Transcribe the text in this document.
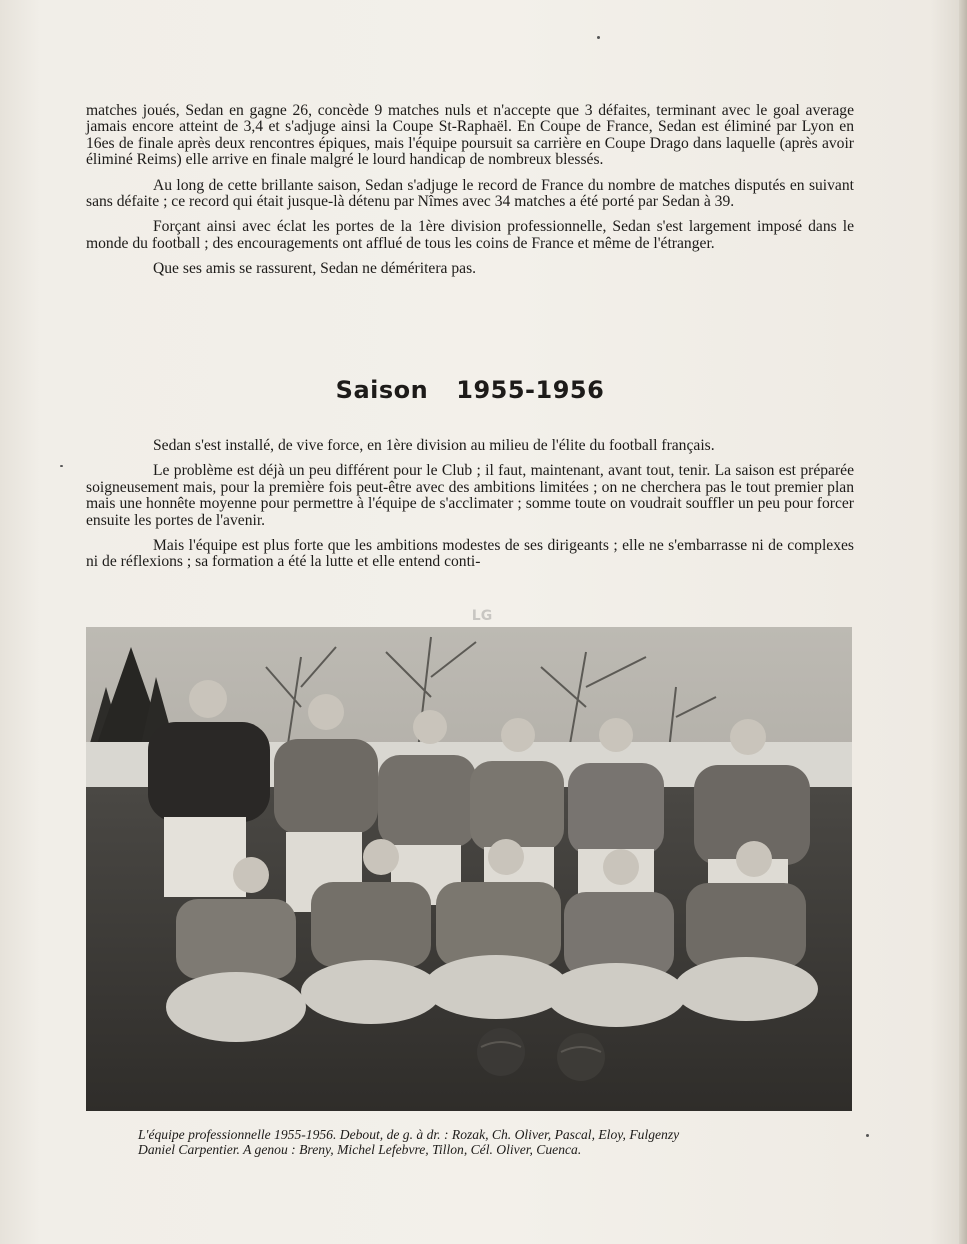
matches joués, Sedan en gagne 26, concède 9 matches nuls et n'accepte que 3 défaites, terminant avec le goal average jamais encore atteint de 3,4 et s'adjuge ainsi la Coupe St-Raphaël. En Coupe de France, Sedan est éliminé par Lyon en 16es de finale après deux rencontres épiques, mais l'équipe poursuit sa carrière en Coupe Drago dans laquelle (après avoir éliminé Reims) elle arrive en finale malgré le lourd handicap de nombreux blessés.

Au long de cette brillante saison, Sedan s'adjuge le record de France du nombre de matches disputés en suivant sans défaite ; ce record qui était jusque-là détenu par Nîmes avec 34 matches a été porté par Sedan à 39.

Forçant ainsi avec éclat les portes de la 1ère division professionnelle, Sedan s'est largement imposé dans le monde du football ; des encouragements ont afflué de tous les coins de France et même de l'étranger.

Que ses amis se rassurent, Sedan ne déméritera pas.

Saison 1955-1956

Sedan s'est installé, de vive force, en 1ère division au milieu de l'élite du football français.

Le problème est déjà un peu différent pour le Club ; il faut, maintenant, avant tout, tenir. La saison est préparée soigneusement mais, pour la première fois peut-être avec des ambitions limitées ; on ne cherchera pas le tout premier plan mais une honnête moyenne pour permettre à l'équipe de s'acclimater ; somme toute on voudrait souffler un peu pour forcer ensuite les portes de l'avenir.

Mais l'équipe est plus forte que les ambitions modestes de ses dirigeants ; elle ne s'embarrasse ni de complexes ni de réflexions ; sa formation a été la lutte et elle entend conti-

LG

L'équipe professionnelle 1955-1956. Debout, de g. à dr. : Rozak, Ch. Oliver, Pascal, Eloy, Fulgenzy

Daniel Carpentier. A genou : Breny, Michel Lefebvre, Tillon, Cél. Oliver, Cuenca.
